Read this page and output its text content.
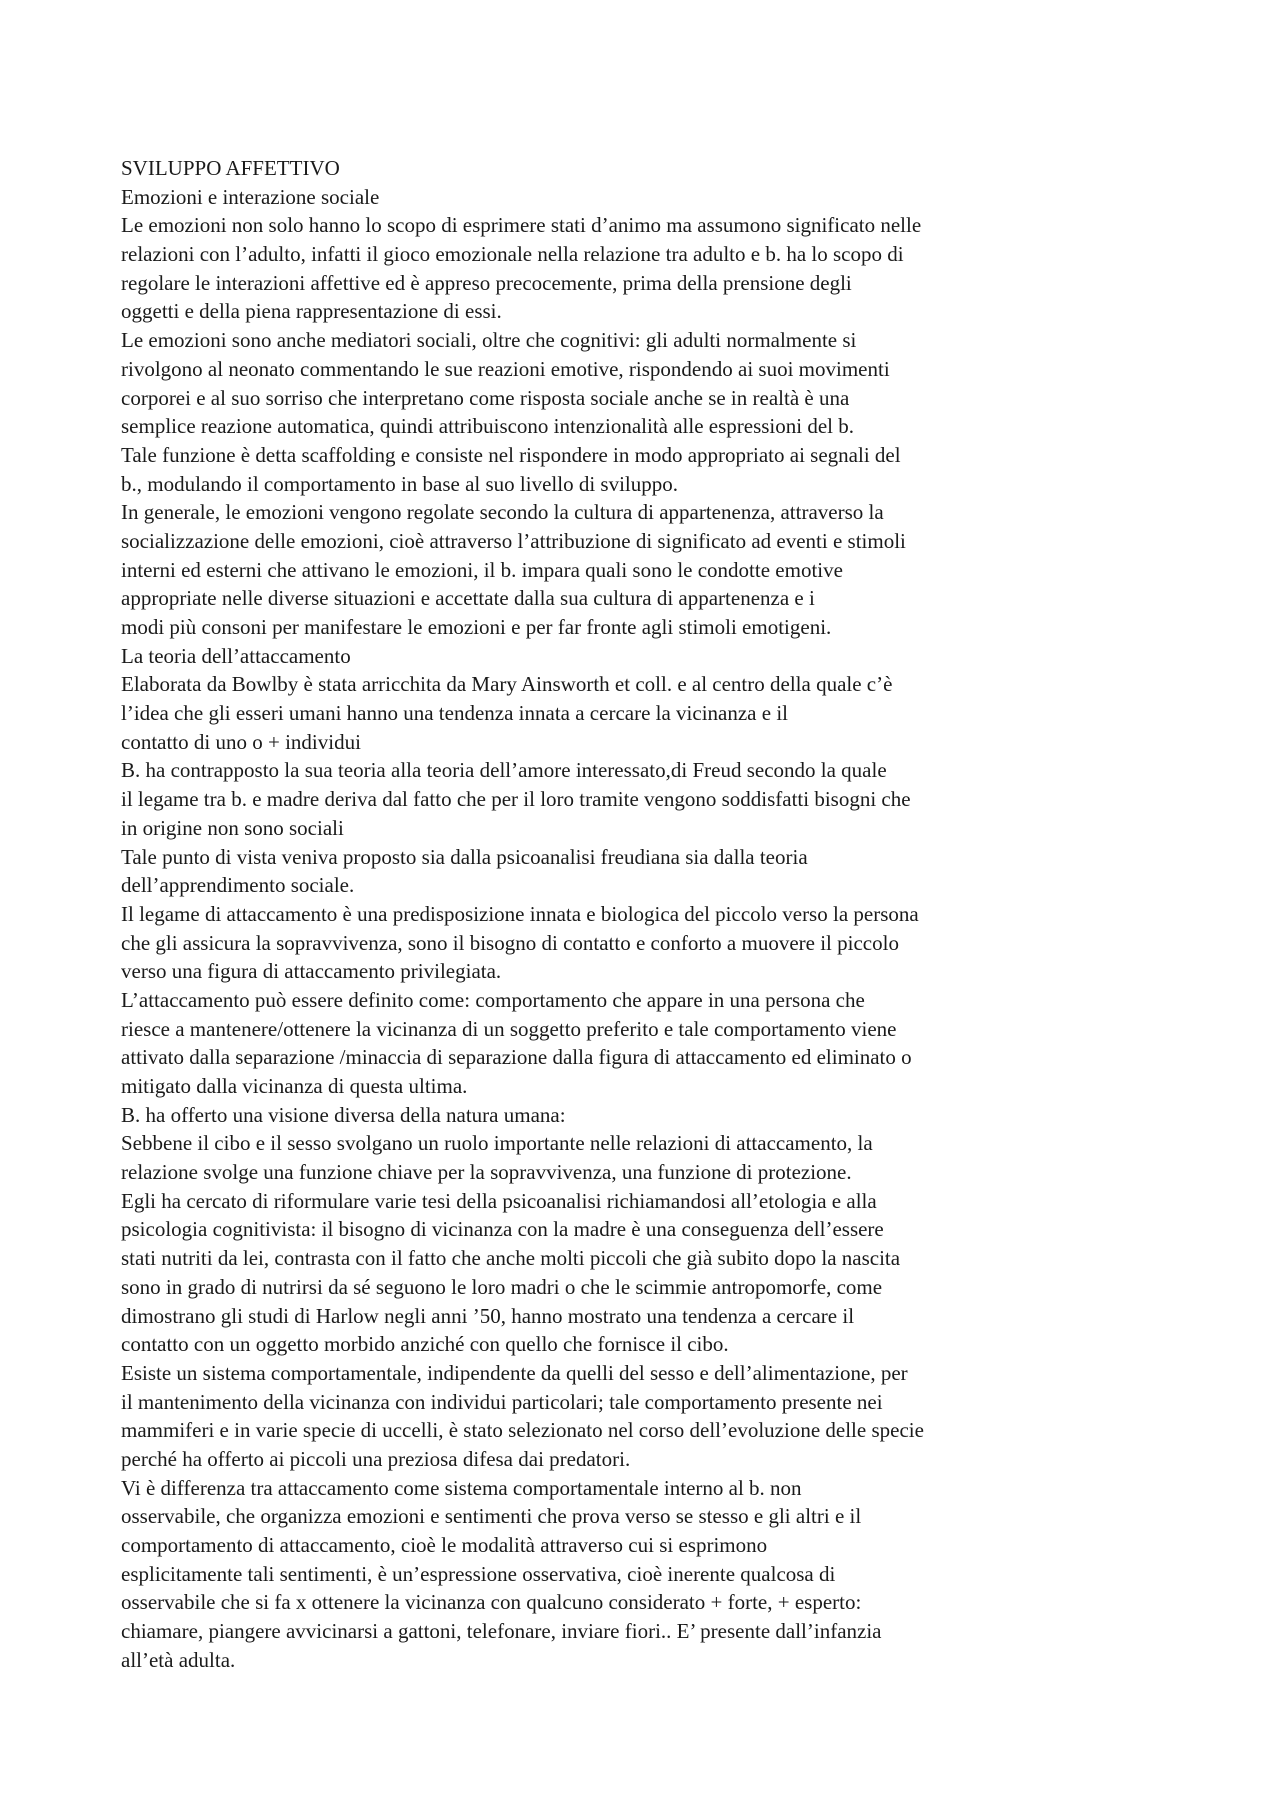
SVILUPPO AFFETTIVO
Emozioni e interazione sociale
Le emozioni non solo hanno lo scopo di esprimere stati d’animo ma assumono significato nelle
relazioni con l’adulto, infatti il gioco emozionale nella relazione tra adulto e b. ha lo scopo di
regolare le interazioni affettive ed è appreso precocemente, prima della prensione degli
oggetti e della piena rappresentazione di essi.
Le emozioni sono anche mediatori sociali, oltre che cognitivi: gli adulti normalmente si
rivolgono al neonato commentando le sue reazioni emotive, rispondendo ai suoi movimenti
corporei e al suo sorriso che interpretano come risposta sociale anche se in realtà è una
semplice reazione automatica, quindi attribuiscono intenzionalità alle espressioni del b.
Tale funzione è detta scaffolding e consiste nel rispondere in modo appropriato ai segnali del
b., modulando il comportamento in base al suo livello di sviluppo.
In generale, le emozioni vengono regolate secondo la cultura di appartenenza, attraverso la
socializzazione delle emozioni, cioè attraverso l’attribuzione di significato ad eventi e stimoli
interni ed esterni che attivano le emozioni, il b. impara quali sono le condotte emotive
appropriate nelle diverse situazioni e accettate dalla sua cultura di appartenenza e i
modi più consoni per manifestare le emozioni e per far fronte agli stimoli emotigeni.
La teoria dell’attaccamento
Elaborata da Bowlby è stata arricchita da Mary Ainsworth et coll. e al centro della quale c’è
l’idea che gli esseri umani hanno una tendenza innata a cercare la vicinanza e il
contatto di uno o + individui
B. ha contrapposto la sua teoria alla teoria dell’amore interessato,di Freud secondo la quale
il legame tra b. e madre deriva dal fatto che per il loro tramite vengono soddisfatti bisogni che
in origine non sono sociali
Tale punto di vista veniva proposto sia dalla psicoanalisi freudiana sia dalla teoria
dell’apprendimento sociale.
Il legame di attaccamento è una predisposizione innata e biologica del piccolo verso la persona
che gli assicura la sopravvivenza, sono il bisogno di contatto e conforto a muovere il piccolo
verso una figura di attaccamento privilegiata.
L’attaccamento può essere definito come: comportamento che appare in una persona che
riesce a mantenere/ottenere la vicinanza di un soggetto preferito e tale comportamento viene
attivato dalla separazione /minaccia di separazione dalla figura di attaccamento ed eliminato o
mitigato dalla vicinanza di questa ultima.
B. ha offerto una visione diversa della natura umana:
Sebbene il cibo e il sesso svolgano un ruolo importante nelle relazioni di attaccamento, la
relazione svolge una funzione chiave per la sopravvivenza, una funzione di protezione.
Egli ha cercato di riformulare varie tesi della psicoanalisi richiamandosi all’etologia e alla
psicologia cognitivista: il bisogno di vicinanza con la madre è una conseguenza dell’essere
stati nutriti da lei, contrasta con il fatto che anche molti piccoli che già subito dopo la nascita
sono in grado di nutrirsi da sé seguono le loro madri o che le scimmie antropomorfe, come
dimostrano gli studi di Harlow negli anni ’50, hanno mostrato una tendenza a cercare il
contatto con un oggetto morbido anziché con quello che fornisce il cibo.
Esiste un sistema comportamentale, indipendente da quelli del sesso e dell’alimentazione, per
il mantenimento della vicinanza con individui particolari; tale comportamento presente nei
mammiferi e in varie specie di uccelli, è stato selezionato nel corso dell’evoluzione delle specie
perché ha offerto ai piccoli una preziosa difesa dai predatori.
Vi è differenza tra attaccamento come sistema comportamentale interno al b. non
osservabile, che organizza emozioni e sentimenti che prova verso se stesso e gli altri e il
comportamento di attaccamento, cioè le modalità attraverso cui si esprimono
esplicitamente tali sentimenti, è un’espressione osservativa, cioè inerente qualcosa di
osservabile che si fa x ottenere la vicinanza con qualcuno considerato + forte, + esperto:
chiamare, piangere avvicinarsi a gattoni, telefonare, inviare fiori.. E’ presente dall’infanzia
all’età adulta.
